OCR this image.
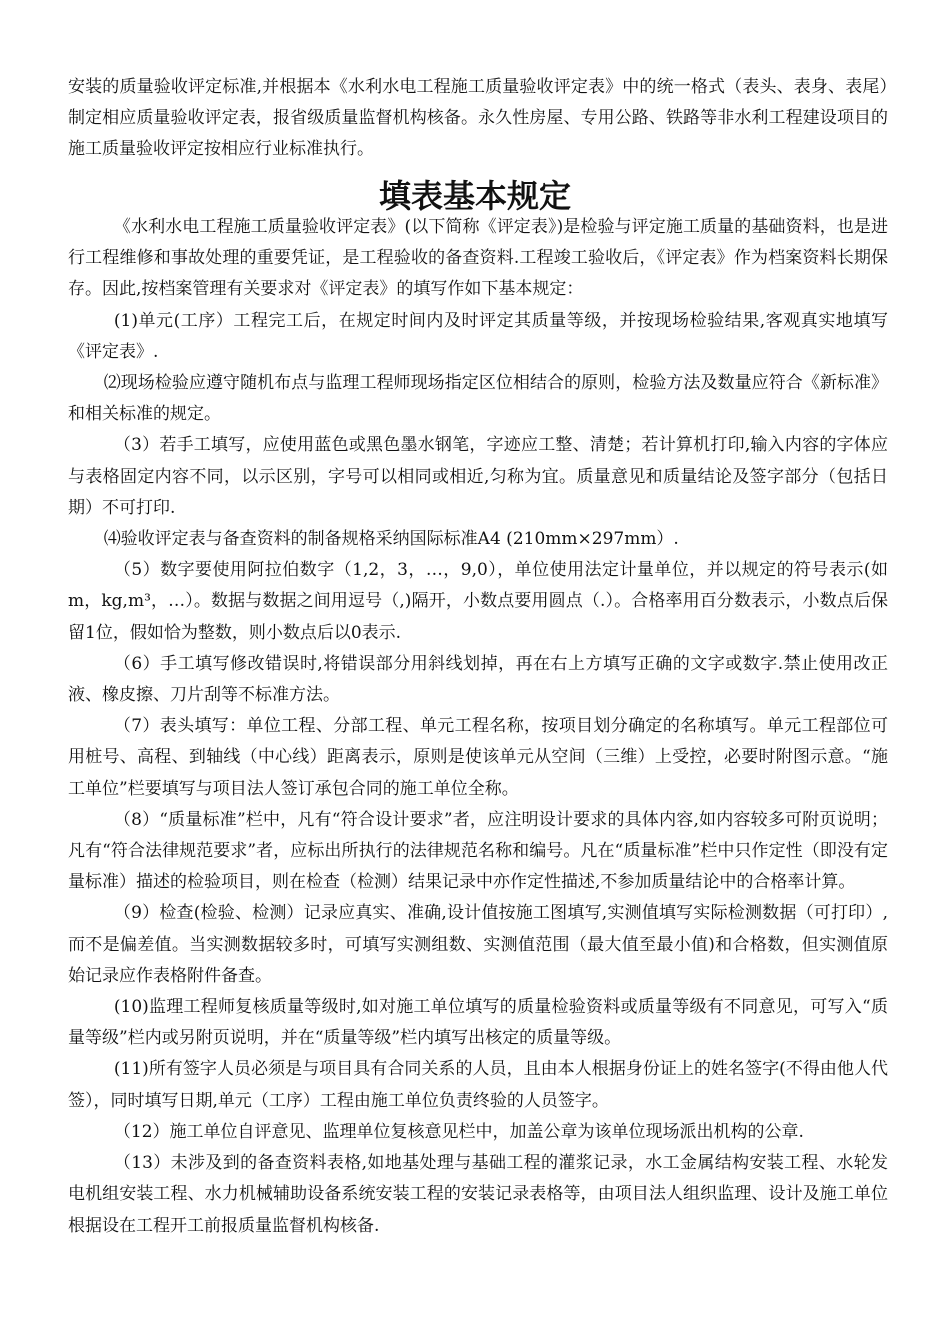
安装的质量验收评定标准,并根据本《水利水电工程施工质量验收评定表》中的统一格式（表头、表身、表尾）制定相应质量验收评定表，报省级质量监督机构核备。永久性房屋、专用公路、铁路等非水利工程建设项目的施工质量验收评定按相应行业标准执行。

填表基本规定

《水利水电工程施工质量验收评定表》(以下简称《评定表》)是检验与评定施工质量的基础资料，也是进行工程维修和事故处理的重要凭证，是工程验收的备查资料.工程竣工验收后，《评定表》作为档案资料长期保存。因此,按档案管理有关要求对《评定表》的填写作如下基本规定：

(1)单元(工序）工程完工后，在规定时间内及时评定其质量等级，并按现场检验结果,客观真实地填写《评定表》.

⑵现场检验应遵守随机布点与监理工程师现场指定区位相结合的原则，检验方法及数量应符合《新标准》和相关标准的规定。

（3）若手工填写，应使用蓝色或黑色墨水钢笔，字迹应工整、清楚；若计算机打印,输入内容的字体应与表格固定内容不同，以示区别，字号可以相同或相近,匀称为宜。质量意见和质量结论及签字部分（包括日期）不可打印.

⑷验收评定表与备查资料的制备规格采纳国际标准A4 (210mm×297mm）.

（5）数字要使用阿拉伯数字（1,2，3，…，9,0），单位使用法定计量单位，并以规定的符号表示(如m，kg,m³，…）。数据与数据之间用逗号（,)隔开，小数点要用圆点（.）。合格率用百分数表示，小数点后保留1位，假如恰为整数，则小数点后以0表示.

（6）手工填写修改错误时,将错误部分用斜线划掉，再在右上方填写正确的文字或数字.禁止使用改正液、橡皮擦、刀片刮等不标准方法。

（7）表头填写：单位工程、分部工程、单元工程名称，按项目划分确定的名称填写。单元工程部位可用桩号、高程、到轴线（中心线）距离表示，原则是使该单元从空间（三维）上受控，必要时附图示意。“施工单位”栏要填写与项目法人签订承包合同的施工单位全称。

（8）“质量标准”栏中，凡有“符合设计要求”者，应注明设计要求的具体内容,如内容较多可附页说明；凡有“符合法律规范要求”者，应标出所执行的法律规范名称和编号。凡在“质量标准”栏中只作定性（即没有定量标准）描述的检验项目，则在检查（检测）结果记录中亦作定性描述,不参加质量结论中的合格率计算。

（9）检查(检验、检测）记录应真实、准确,设计值按施工图填写,实测值填写实际检测数据（可打印）,而不是偏差值。当实测数据较多时，可填写实测组数、实测值范围（最大值至最小值)和合格数，但实测值原始记录应作表格附件备查。

(10)监理工程师复核质量等级时,如对施工单位填写的质量检验资料或质量等级有不同意见，可写入“质量等级”栏内或另附页说明，并在“质量等级”栏内填写出核定的质量等级。

(11)所有签字人员必须是与项目具有合同关系的人员，且由本人根据身份证上的姓名签字(不得由他人代签），同时填写日期,单元（工序）工程由施工单位负责终验的人员签字。

（12）施工单位自评意见、监理单位复核意见栏中，加盖公章为该单位现场派出机构的公章.

（13）未涉及到的备查资料表格,如地基处理与基础工程的灌浆记录，水工金属结构安装工程、水轮发电机组安装工程、水力机械辅助设备系统安装工程的安装记录表格等，由项目法人组织监理、设计及施工单位根据设在工程开工前报质量监督机构核备.
